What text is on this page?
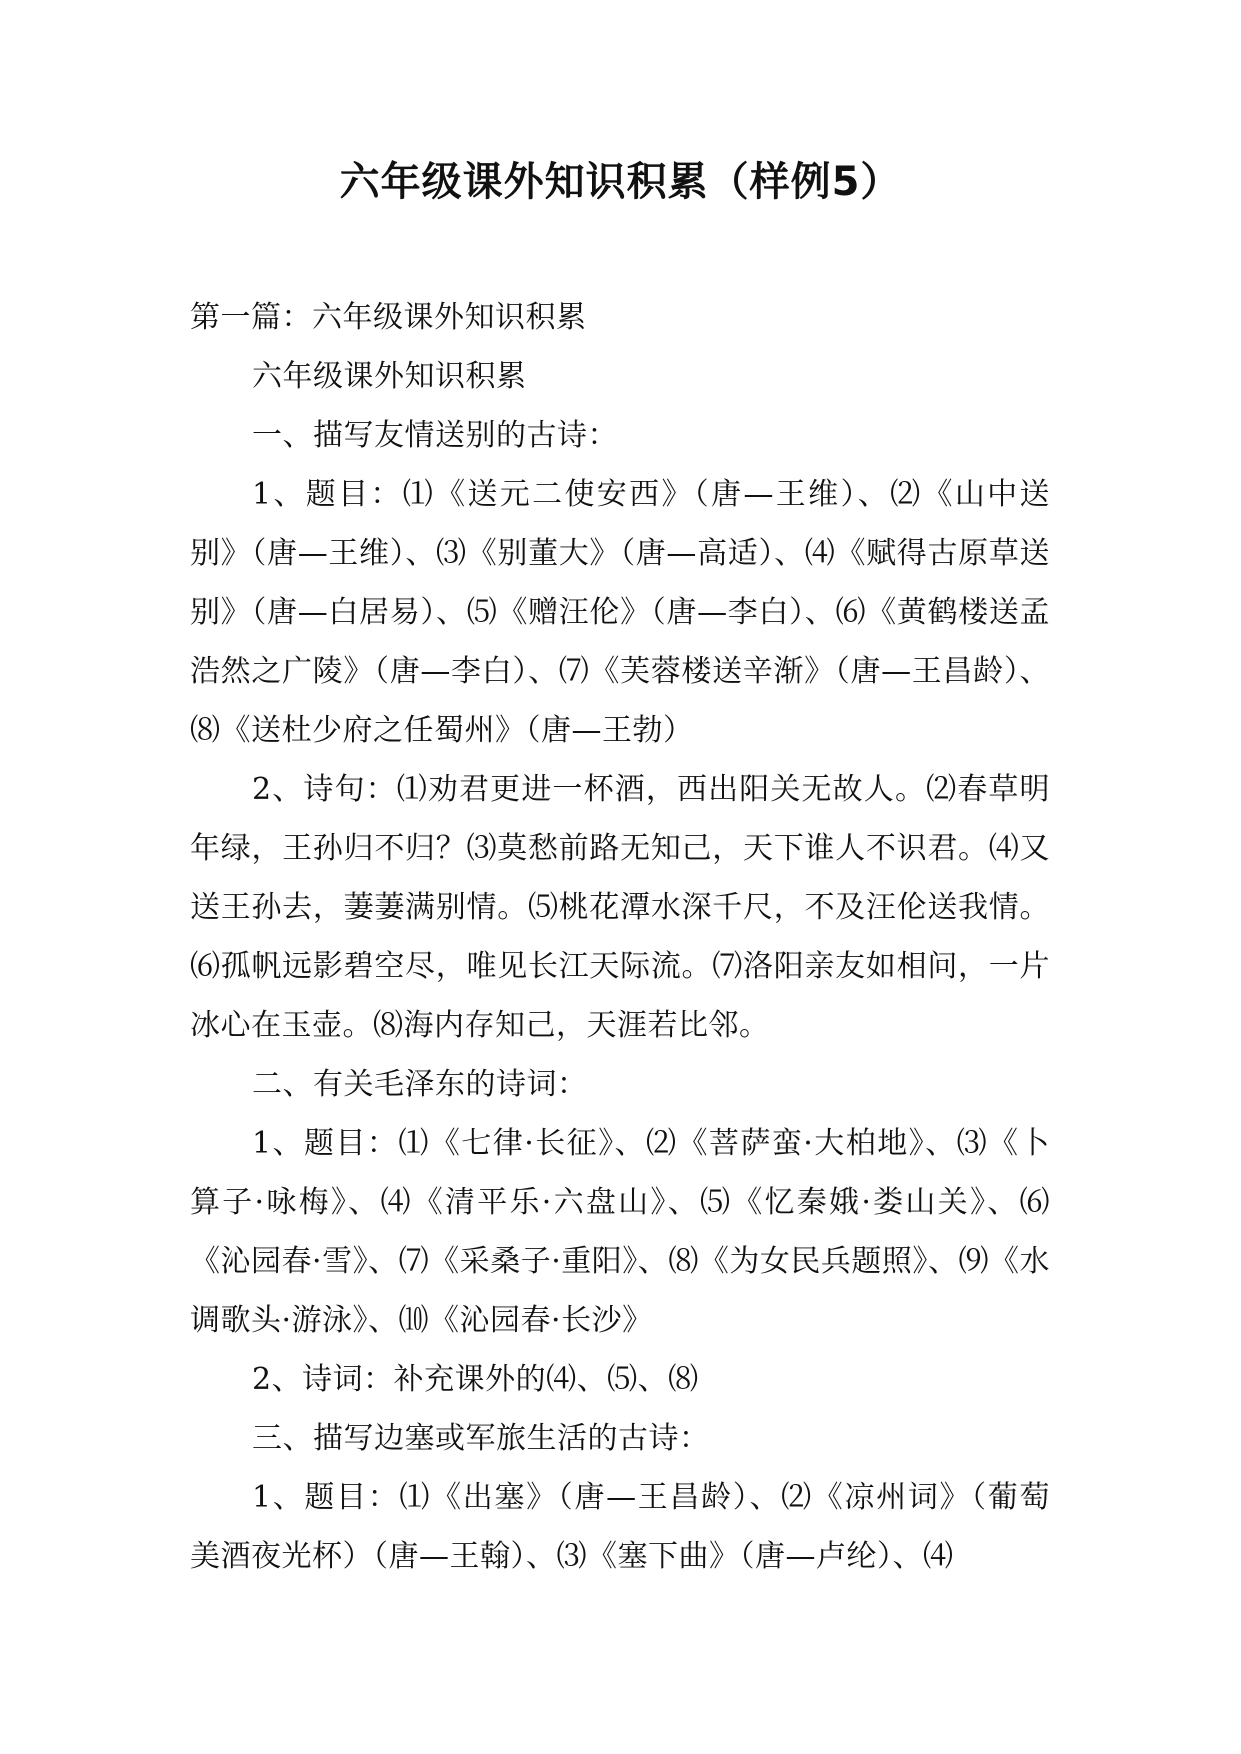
六年级课外知识积累（样例5）

第一篇：六年级课外知识积累

六年级课外知识积累

一、描写友情送别的古诗：

1、题目：⑴《送元二使安西》（唐—王维）、⑵《山中送别》（唐—王维）、⑶《别董大》（唐—高适）、⑷《赋得古原草送别》（唐—白居易）、⑸《赠汪伦》（唐—李白）、⑹《黄鹤楼送孟浩然之广陵》（唐—李白）、⑺《芙蓉楼送辛渐》（唐—王昌龄）、⑻《送杜少府之任蜀州》（唐—王勃）

2、诗句：⑴劝君更进一杯酒，西出阳关无故人。⑵春草明年绿，王孙归不归？⑶莫愁前路无知己，天下谁人不识君。⑷又送王孙去，萋萋满别情。⑸桃花潭水深千尺，不及汪伦送我情。⑹孤帆远影碧空尽，唯见长江天际流。⑺洛阳亲友如相问，一片冰心在玉壶。⑻海内存知己，天涯若比邻。

二、有关毛泽东的诗词：

1、题目：⑴《七律·长征》、⑵《菩萨蛮·大柏地》、⑶《卜算子·咏梅》、⑷《清平乐·六盘山》、⑸《忆秦娥·娄山关》、⑹《沁园春·雪》、⑺《采桑子·重阳》、⑻《为女民兵题照》、⑼《水调歌头·游泳》、⑽《沁园春·长沙》

2、诗词：补充课外的⑷、⑸、⑻

三、描写边塞或军旅生活的古诗：

1、题目：⑴《出塞》（唐—王昌龄）、⑵《凉州词》（葡萄美酒夜光杯）（唐—王翰）、⑶《塞下曲》（唐—卢纶）、⑷
